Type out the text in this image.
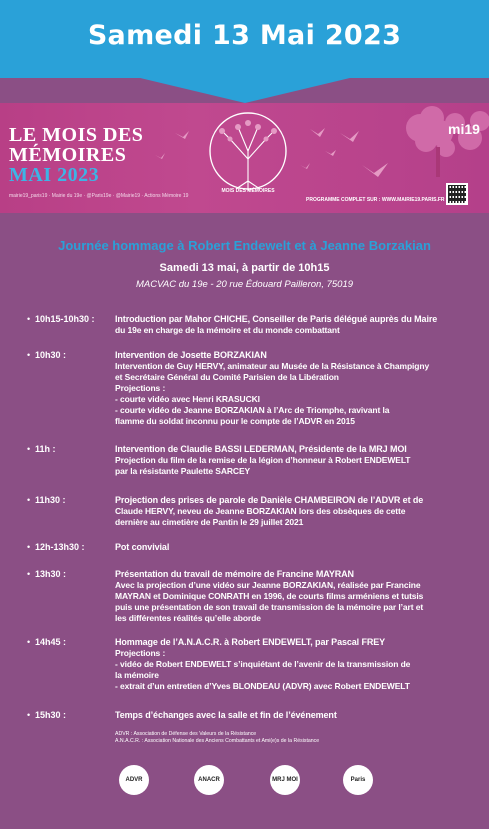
Samedi 13 Mai 2023
MOIS DES MÉMOIRES
LE MOIS DES
MÉMOIRES
MAI 2023
mairie19_paris19 · Mairie du 19e · @Paris19e · @Mairie19 · Actions Mémoire 19
PROGRAMME COMPLET SUR : WWW.MAIRIE19.PARIS.FR
mi19
Journée hommage à Robert Endewelt et à Jeanne Borzakian
Samedi 13 mai, à partir de 10h15
MACVAC du 19e - 20 rue Édouard Pailleron, 75019
• 10h15-10h30 : Introduction par Mahor CHICHE, Conseiller de Paris délégué auprès du Maire
du 19e en charge de la mémoire et du monde combattant
• 10h30 :	Intervention de Josette BORZAKIAN
Intervention de Guy HERVY, animateur au Musée de la Résistance à Champigny
et Secrétaire Général du Comité Parisien de la Libération
Projections :
- courte vidéo avec Henri KRASUCKI
- courte vidéo de Jeanne BORZAKIAN à l’Arc de Triomphe, ravivant la
flamme du soldat inconnu pour le compte de l’ADVR en 2015
• 11h :	Intervention de Claudie BASSI LEDERMAN, Présidente de la MRJ MOI
Projection du film de la remise de la légion d’honneur à Robert ENDEWELT
par la résistante Paulette SARCEY
• 11h30 :	Projection des prises de parole de Danièle CHAMBEIRON de l’ADVR et de
Claude HERVY, neveu de Jeanne BORZAKIAN lors des obsèques de cette
dernière au cimetière de Pantin le 29 juillet 2021
• 12h-13h30 :	Pot convivial
• 13h30 :	Présentation du travail de mémoire de Francine MAYRAN
Avec la projection d’une vidéo sur Jeanne BORZAKIAN, réalisée par Francine
MAYRAN et Dominique CONRATH en 1996, de courts films arméniens et tutsis
puis une présentation de son travail de transmission de la mémoire par l’art et
les différentes réalités qu’elle aborde
• 14h45 :	Hommage de l’A.N.A.C.R. à Robert ENDEWELT, par Pascal FREY
Projections :
- vidéo de Robert ENDEWELT s’inquiétant de l’avenir de la transmission de
la mémoire
- extrait d’un entretien d’Yves BLONDEAU (ADVR) avec Robert ENDEWELT
• 15h30 :	Temps d’échanges avec la salle et fin de l’événement
ADVR : Association de Défense des Valeurs de la Résistance
A.N.A.C.R. : Association Nationale des Anciens Combattants et Ami(e)s de la Résistance
ADVR	ANACR	MRJ MOI	Paris
